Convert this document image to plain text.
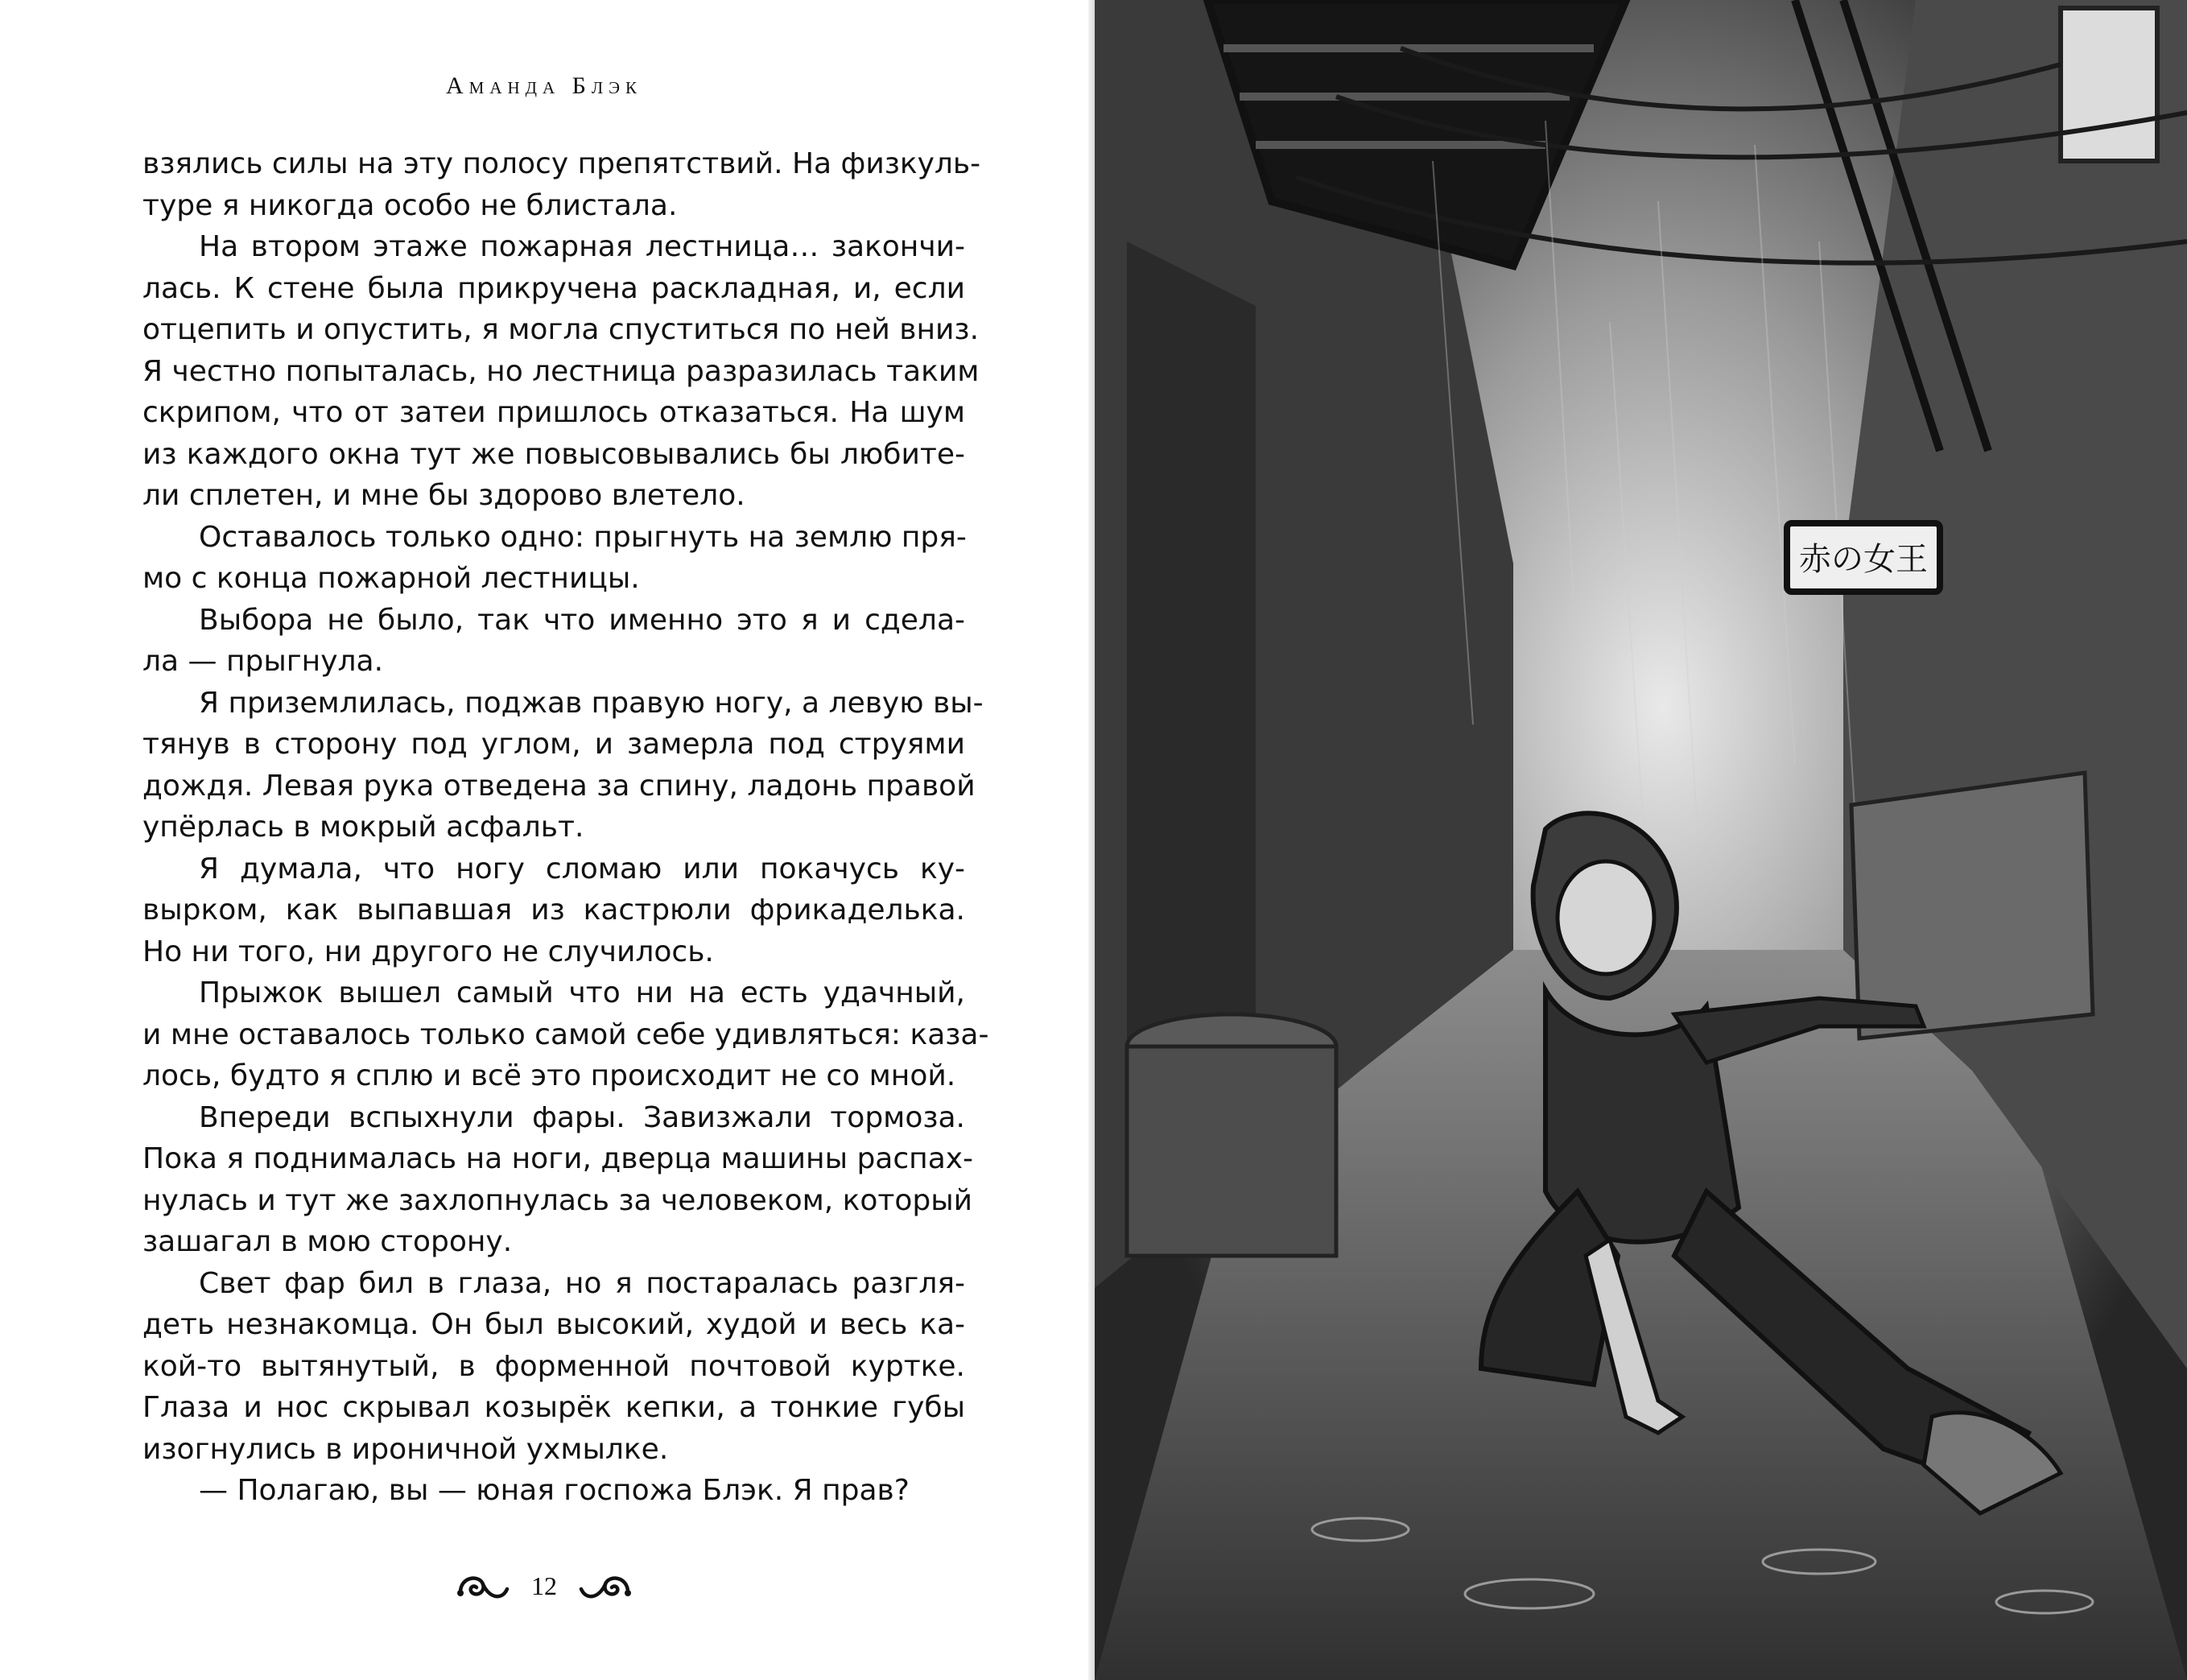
Аманда Блэк
взялись силы на эту полосу препятствий. На физкуль-
туре я никогда особо не блистала.
На втором этаже пожарная лестница… закончи-
лась. К стене была прикручена раскладная, и, если
отцепить и опустить, я могла спуститься по ней вниз.
Я честно попыталась, но лестница разразилась таким
скрипом, что от затеи пришлось отказаться. На шум
из каждого окна тут же повысовывались бы любите-
ли сплетен, и мне бы здорово влетело.
Оставалось только одно: прыгнуть на землю пря-
мо с конца пожарной лестницы.
Выбора не было, так что именно это я и сдела-
ла — прыгнула.
Я приземлилась, поджав правую ногу, а левую вы-
тянув в сторону под углом, и замерла под струями
дождя. Левая рука отведена за спину, ладонь правой
упёрлась в мокрый асфальт.
Я думала, что ногу сломаю или покачусь ку-
вырком, как выпавшая из кастрюли фрикаделька.
Но ни того, ни другого не случилось.
Прыжок вышел самый что ни на есть удачный,
и мне оставалось только самой себе удивляться: каза-
лось, будто я сплю и всё это происходит не со мной.
Впереди вспыхнули фары. Завизжали тормоза.
Пока я поднималась на ноги, дверца машины распах-
нулась и тут же захлопнулась за человеком, который
зашагал в мою сторону.
Свет фар бил в глаза, но я постаралась разгля-
деть незнакомца. Он был высокий, худой и весь ка-
кой-то вытянутый, в форменной почтовой куртке.
Глаза и нос скрывал козырёк кепки, а тонкие губы
изогнулись в ироничной ухмылке.
— Полагаю, вы — юная госпожа Блэк. Я прав?
12
赤の女王
